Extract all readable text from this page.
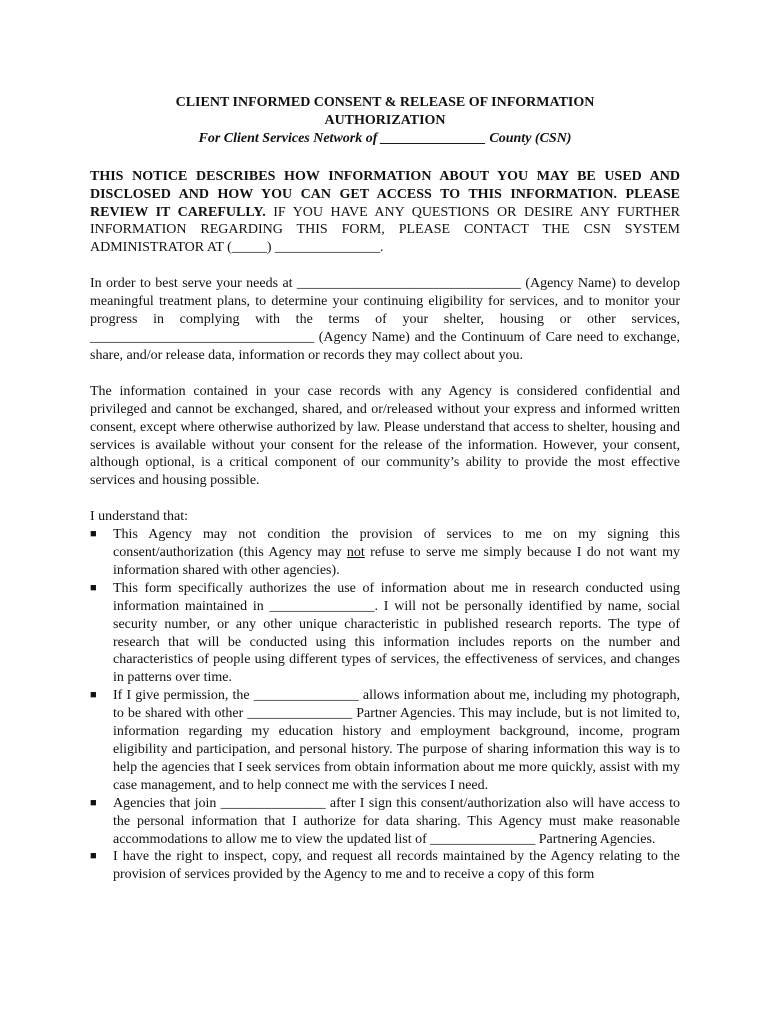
CLIENT INFORMED CONSENT & RELEASE OF INFORMATION
AUTHORIZATION

For Client Services Network of _______________ County (CSN)

THIS NOTICE DESCRIBES HOW INFORMATION ABOUT YOU MAY BE USED AND DISCLOSED AND HOW YOU CAN GET ACCESS TO THIS INFORMATION. PLEASE REVIEW IT CAREFULLY. IF YOU HAVE ANY QUESTIONS OR DESIRE ANY FURTHER INFORMATION REGARDING THIS FORM, PLEASE CONTACT THE CSN SYSTEM ADMINISTRATOR AT (_____) _______________.

In order to best serve your needs at ________________________________ (Agency Name) to develop meaningful treatment plans, to determine your continuing eligibility for services, and to monitor your progress in complying with the terms of your shelter, housing or other services, ________________________________ (Agency Name) and the Continuum of Care need to exchange, share, and/or release data, information or records they may collect about you.

The information contained in your case records with any Agency is considered confidential and privileged and cannot be exchanged, shared, and or/released without your express and informed written consent, except where otherwise authorized by law. Please understand that access to shelter, housing and services is available without your consent for the release of the information. However, your consent, although optional, is a critical component of our community’s ability to provide the most effective services and housing possible.

I understand that:

■ This Agency may not condition the provision of services to me on my signing this consent/authorization (this Agency may not refuse to serve me simply because I do not want my information shared with other agencies).
■ This form specifically authorizes the use of information about me in research conducted using information maintained in _______________. I will not be personally identified by name, social security number, or any other unique characteristic in published research reports. The type of research that will be conducted using this information includes reports on the number and characteristics of people using different types of services, the effectiveness of services, and changes in patterns over time.
■ If I give permission, the _______________ allows information about me, including my photograph, to be shared with other _______________ Partner Agencies. This may include, but is not limited to, information regarding my education history and employment background, income, program eligibility and participation, and personal history. The purpose of sharing information this way is to help the agencies that I seek services from obtain information about me more quickly, assist with my case management, and to help connect me with the services I need.
■ Agencies that join _______________ after I sign this consent/authorization also will have access to the personal information that I authorize for data sharing. This Agency must make reasonable accommodations to allow me to view the updated list of _______________ Partnering Agencies.
■ I have the right to inspect, copy, and request all records maintained by the Agency relating to the provision of services provided by the Agency to me and to receive a copy of this form
